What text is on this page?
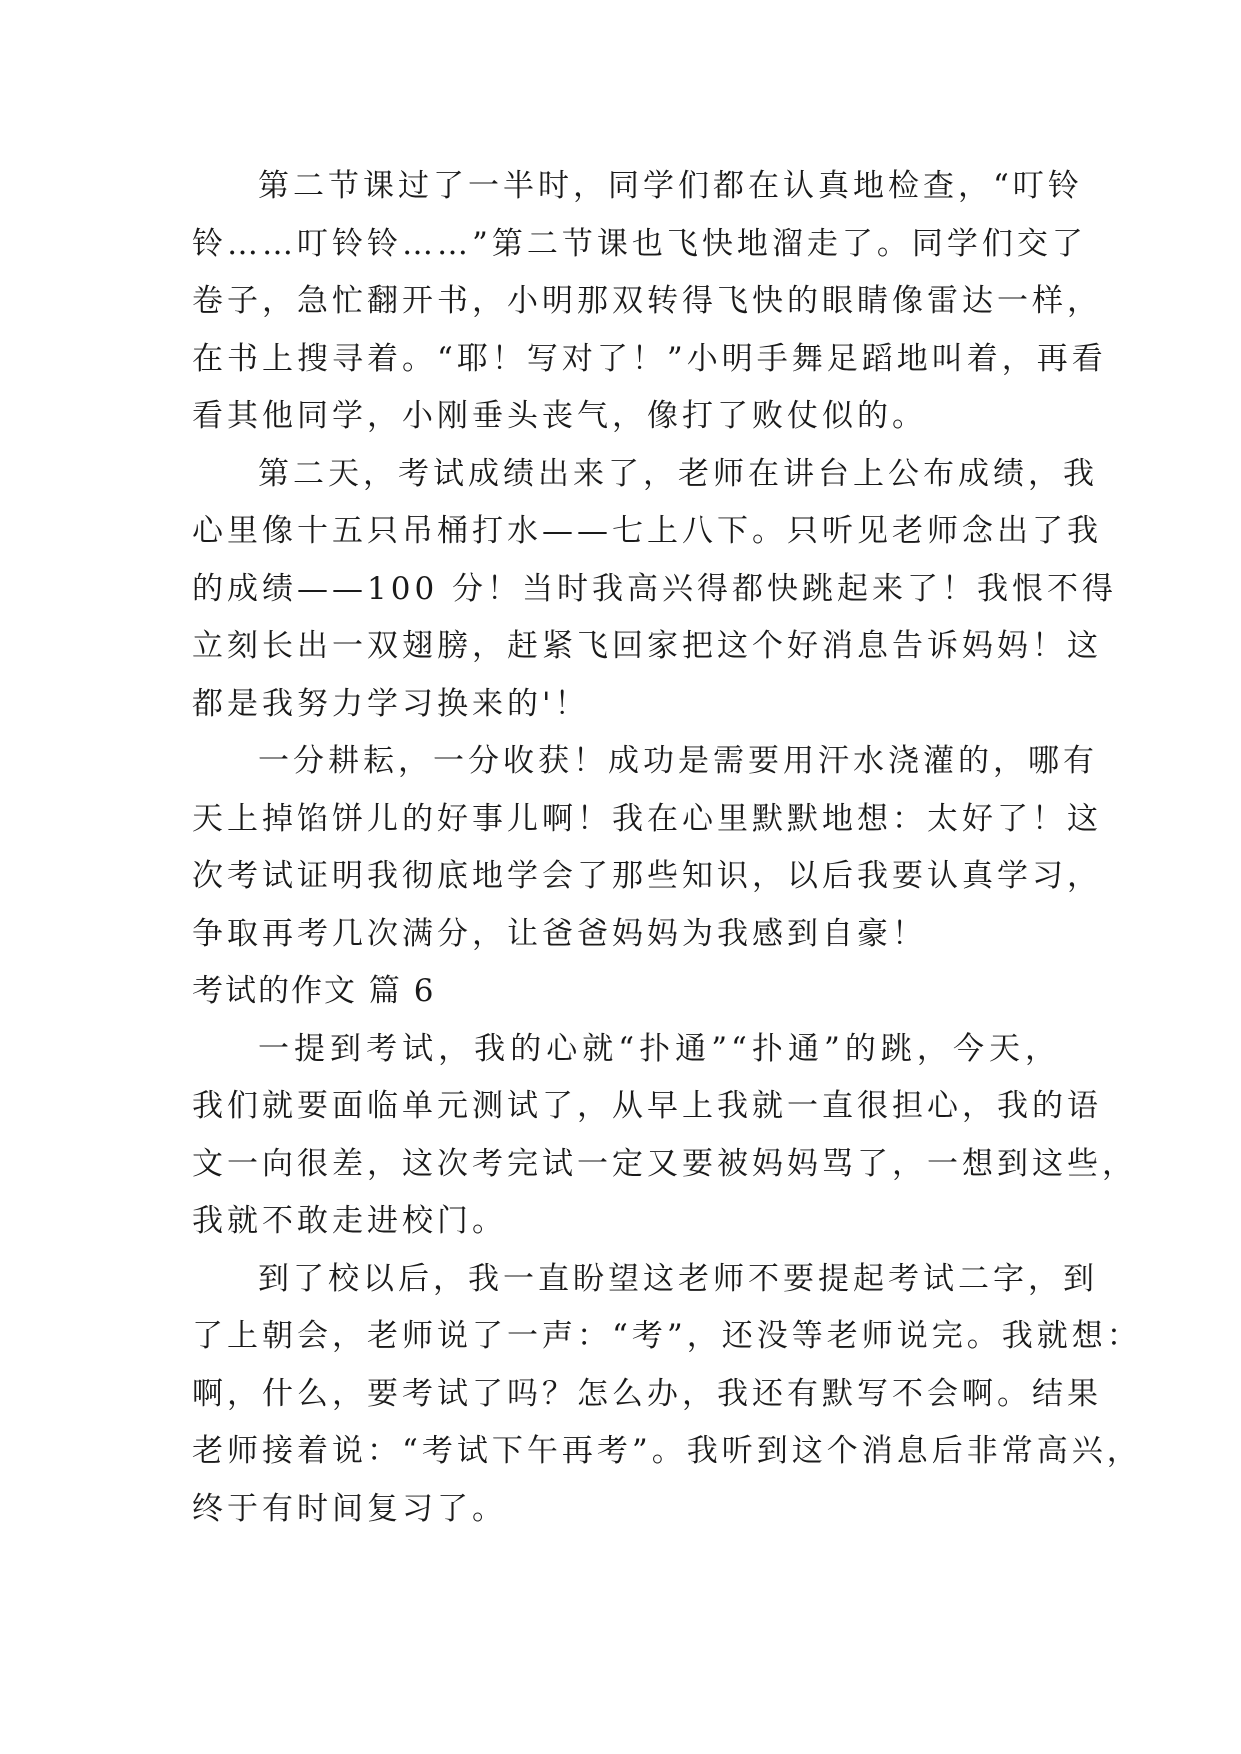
第二节课过了一半时，同学们都在认真地检查，“叮铃
铃……叮铃铃……”第二节课也飞快地溜走了。同学们交了
卷子，急忙翻开书，小明那双转得飞快的眼睛像雷达一样，
在书上搜寻着。“耶！写对了！”小明手舞足蹈地叫着，再看
看其他同学，小刚垂头丧气，像打了败仗似的。
第二天，考试成绩出来了，老师在讲台上公布成绩，我
心里像十五只吊桶打水——七上八下。只听见老师念出了我
的成绩——100 分！当时我高兴得都快跳起来了！我恨不得
立刻长出一双翅膀，赶紧飞回家把这个好消息告诉妈妈！这
都是我努力学习换来的'！
一分耕耘，一分收获！成功是需要用汗水浇灌的，哪有
天上掉馅饼儿的好事儿啊！我在心里默默地想：太好了！这
次考试证明我彻底地学会了那些知识，以后我要认真学习，
争取再考几次满分，让爸爸妈妈为我感到自豪！
考试的作文 篇 6
一提到考试，我的心就“扑通”“扑通”的跳，今天，
我们就要面临单元测试了，从早上我就一直很担心，我的语
文一向很差，这次考完试一定又要被妈妈骂了，一想到这些，
我就不敢走进校门。
到了校以后，我一直盼望这老师不要提起考试二字，到
了上朝会，老师说了一声：“考”，还没等老师说完。我就想：
啊，什么，要考试了吗？怎么办，我还有默写不会啊。结果
老师接着说：“考试下午再考”。我听到这个消息后非常高兴，
终于有时间复习了。
